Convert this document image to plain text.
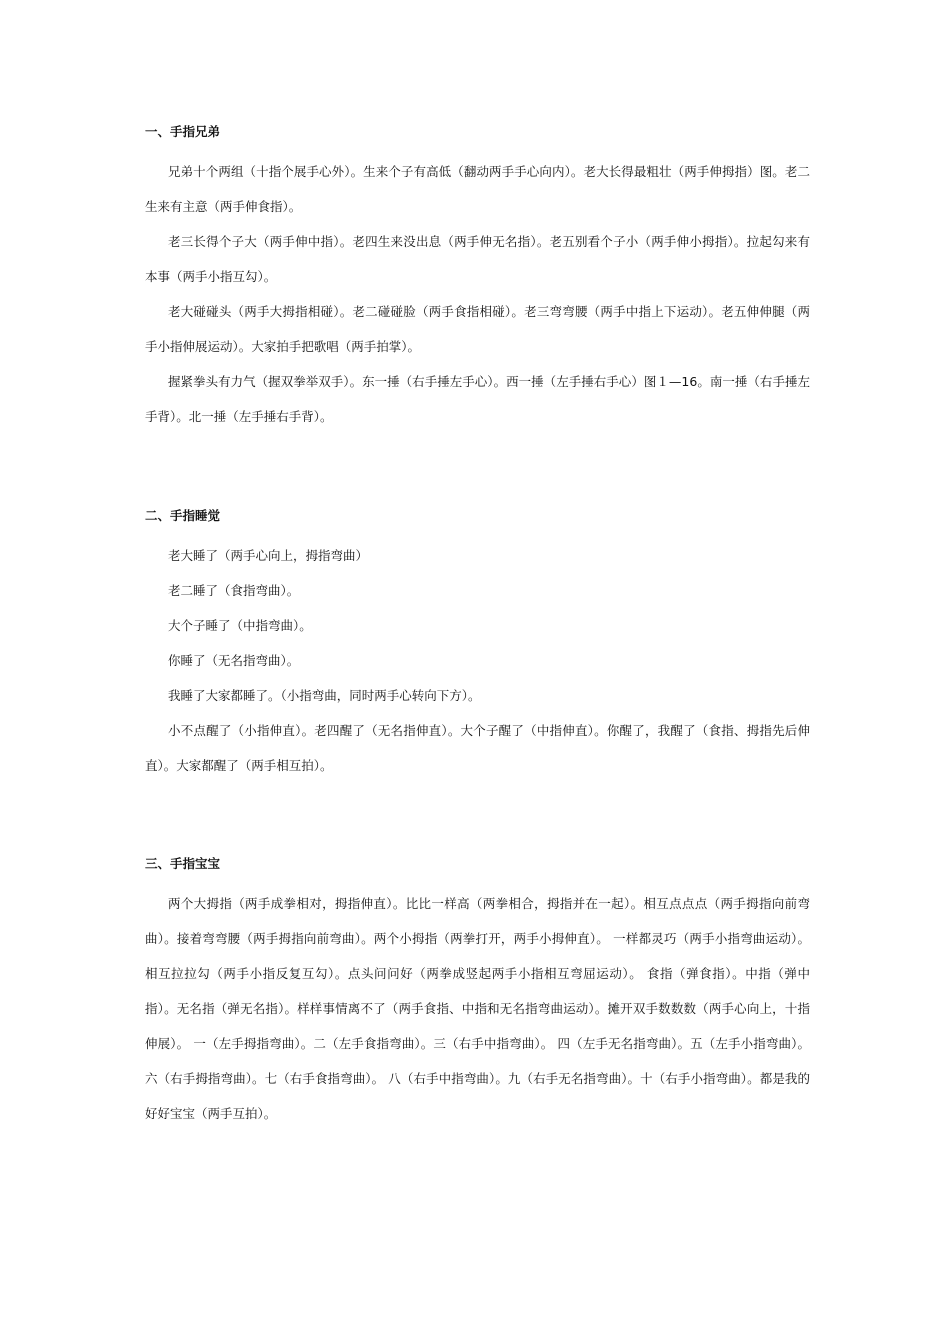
一、手指兄弟

兄弟十个两组（十指个展手心外）。生来个子有高低（翻动两手手心向内）。老大长得最粗壮（两手伸拇指）图。老二生来有主意（两手伸食指）。

老三长得个子大（两手伸中指）。老四生来没出息（两手伸无名指）。老五别看个子小（两手伸小拇指）。拉起勾来有本事（两手小指互勾）。

老大碰碰头（两手大拇指相碰）。老二碰碰脸（两手食指相碰）。老三弯弯腰（两手中指上下运动）。老五伸伸腿（两手小指伸展运动）。大家拍手把歌唱（两手拍掌）。

握紧拳头有力气（握双拳举双手）。东一捶（右手捶左手心）。西一捶（左手捶右手心）图１—16。南一捶（右手捶左手背）。北一捶（左手捶右手背）。

二、手指睡觉

老大睡了（两手心向上，拇指弯曲）

老二睡了（食指弯曲）。

大个子睡了（中指弯曲）。

你睡了（无名指弯曲）。

我睡了大家都睡了。（小指弯曲，同时两手心转向下方）。

小不点醒了（小指伸直）。老四醒了（无名指伸直）。大个子醒了（中指伸直）。你醒了，我醒了（食指、拇指先后伸直）。大家都醒了（两手相互拍）。

三、手指宝宝

两个大拇指（两手成拳相对，拇指伸直）。比比一样高（两拳相合，拇指并在一起）。相互点点点（两手拇指向前弯曲）。接着弯弯腰（两手拇指向前弯曲）。两个小拇指（两拳打开，两手小拇伸直）。 一样都灵巧（两手小指弯曲运动）。相互拉拉勾（两手小指反复互勾）。点头问问好（两拳成竖起两手小指相互弯屈运动）。 食指（弹食指）。中指（弹中指）。无名指（弹无名指）。样样事情离不了（两手食指、中指和无名指弯曲运动）。摊开双手数数数（两手心向上，十指伸展）。 一（左手拇指弯曲）。二（左手食指弯曲）。三（右手中指弯曲）。 四（左手无名指弯曲）。五（左手小指弯曲）。六（右手拇指弯曲）。七（右手食指弯曲）。 八（右手中指弯曲）。九（右手无名指弯曲）。十（右手小指弯曲）。都是我的好好宝宝（两手互拍）。
